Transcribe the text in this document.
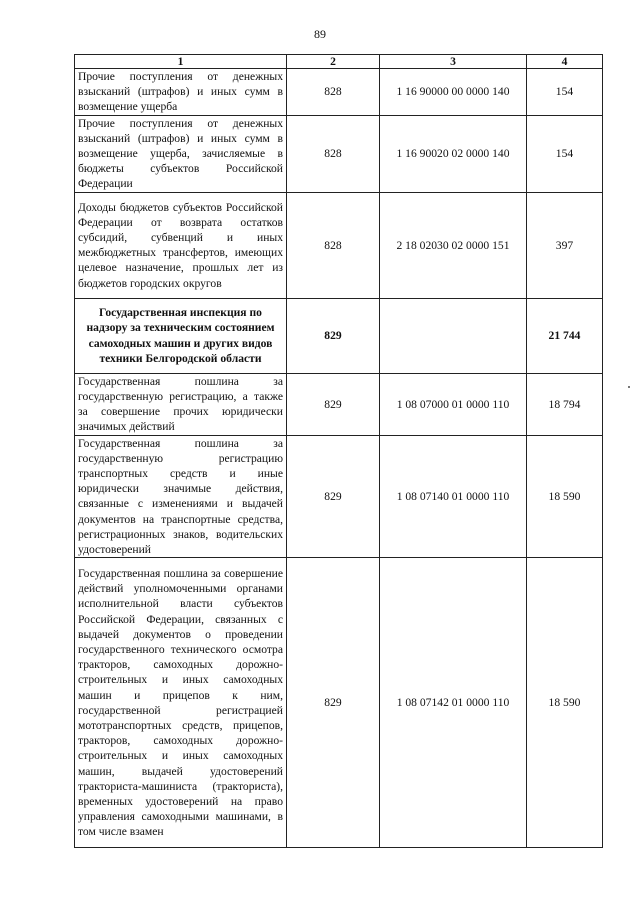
89
1	2	3	4
Прочие поступления от денежных взысканий (штрафов) и иных сумм в возмещение ущерба	828	1 16 90000 00 0000 140	154
Прочие поступления от денежных взысканий (штрафов) и иных сумм в возмещение ущерба, зачисляемые в бюджеты субъектов Российской Федерации	828	1 16 90020 02 0000 140	154
Доходы бюджетов субъектов Российской Федерации от возврата остатков субсидий, субвенций и иных межбюджетных трансфертов, имеющих целевое назначение, прошлых лет из бюджетов городских округов	828	2 18 02030 02 0000 151	397
Государственная инспекция по надзору за техническим состоянием самоходных машин и других видов техники Белгородской области	829		21 744
Государственная пошлина за государственную регистрацию, а также за совершение прочих юридически значимых действий	829	1 08 07000 01 0000 110	18 794
Государственная пошлина за государственную регистрацию транспортных средств и иные юридически значимые действия, связанные с изменениями и выдачей документов на транспортные средства, регистрационных знаков, водительских удостоверений	829	1 08 07140 01 0000 110	18 590
Государственная пошлина за совершение действий уполномоченными органами исполнительной власти субъектов Российской Федерации, связанных с выдачей документов о проведении государственного технического осмотра тракторов, самоходных дорожно-строительных и иных самоходных машин и прицепов к ним, государственной регистрацией мототранспортных средств, прицепов, тракторов, самоходных дорожно-строительных и иных самоходных машин, выдачей удостоверений тракториста-машиниста (тракториста), временных удостоверений на право управления самоходными машинами, в том числе взамен	829	1 08 07142 01 0000 110	18 590
